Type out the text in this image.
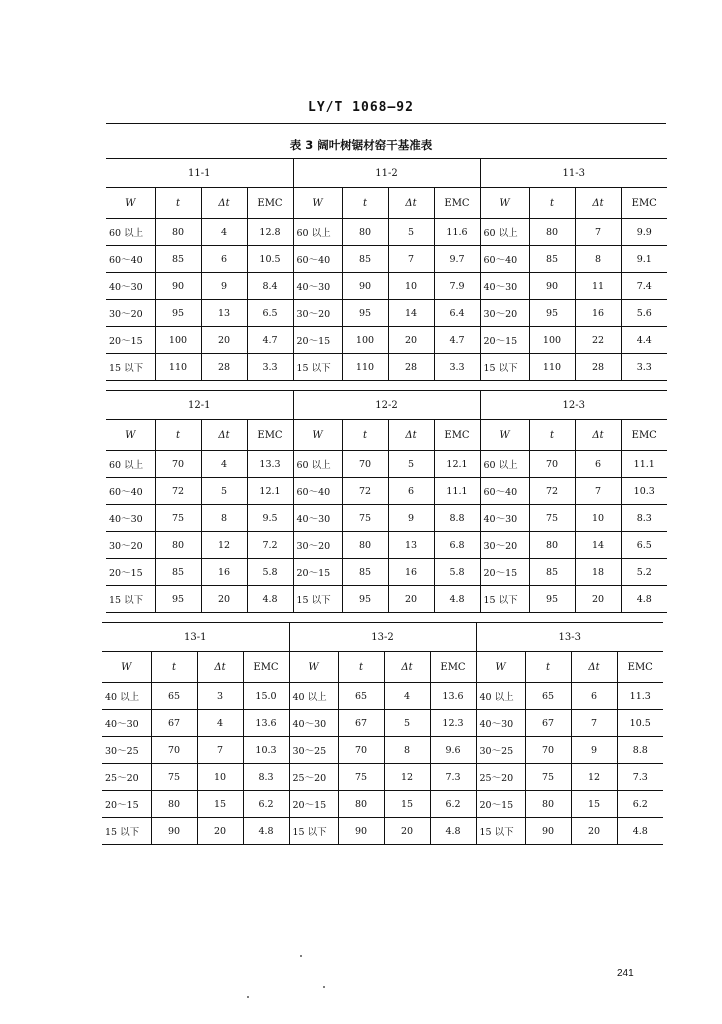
LY/T 1068—92
表 3 阔叶树锯材窑干基准表
11-1				11-2				11-3			
W	t	Δt	EMC	W	t	Δt	EMC	W	t	Δt	EMC
60 以上	80	4	12.8	60 以上	80	5	11.6	60 以上	80	7	9.9
60～40	85	6	10.5	60～40	85	7	9.7	60～40	85	8	9.1
40～30	90	9	8.4	40～30	90	10	7.9	40～30	90	11	7.4
30～20	95	13	6.5	30～20	95	14	6.4	30～20	95	16	5.6
20～15	100	20	4.7	20～15	100	20	4.7	20～15	100	22	4.4
15 以下	110	28	3.3	15 以下	110	28	3.3	15 以下	110	28	3.3
12-1				12-2				12-3			
W	t	Δt	EMC	W	t	Δt	EMC	W	t	Δt	EMC
60 以上	70	4	13.3	60 以上	70	5	12.1	60 以上	70	6	11.1
60～40	72	5	12.1	60～40	72	6	11.1	60～40	72	7	10.3
40～30	75	8	9.5	40～30	75	9	8.8	40～30	75	10	8.3
30～20	80	12	7.2	30～20	80	13	6.8	30～20	80	14	6.5
20～15	85	16	5.8	20～15	85	16	5.8	20～15	85	18	5.2
15 以下	95	20	4.8	15 以下	95	20	4.8	15 以下	95	20	4.8
13-1				13-2				13-3			
W	t	Δt	EMC	W	t	Δt	EMC	W	t	Δt	EMC
40 以上	65	3	15.0	40 以上	65	4	13.6	40 以上	65	6	11.3
40～30	67	4	13.6	40～30	67	5	12.3	40～30	67	7	10.5
30～25	70	7	10.3	30～25	70	8	9.6	30～25	70	9	8.8
25～20	75	10	8.3	25～20	75	12	7.3	25～20	75	12	7.3
20～15	80	15	6.2	20～15	80	15	6.2	20～15	80	15	6.2
15 以下	90	20	4.8	15 以下	90	20	4.8	15 以下	90	20	4.8
241
